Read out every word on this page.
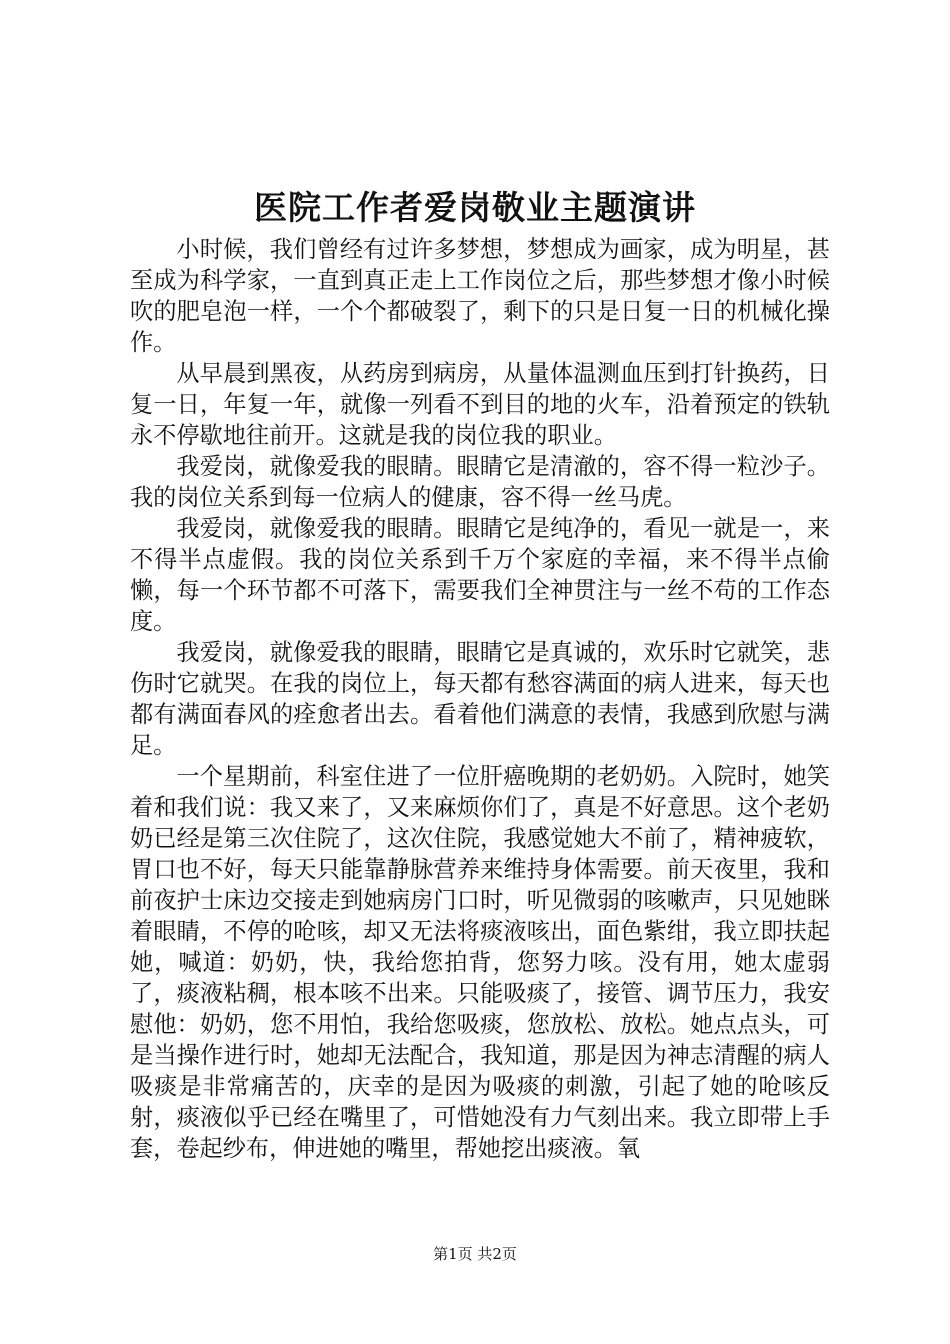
医院工作者爱岗敬业主题演讲

小时候，我们曾经有过许多梦想，梦想成为画家，成为明星，甚至成为科学家，一直到真正走上工作岗位之后，那些梦想才像小时候吹的肥皂泡一样，一个个都破裂了，剩下的只是日复一日的机械化操作。

从早晨到黑夜，从药房到病房，从量体温测血压到打针换药，日复一日，年复一年，就像一列看不到目的地的火车，沿着预定的铁轨永不停歇地往前开。这就是我的岗位我的职业。

我爱岗，就像爱我的眼睛。眼睛它是清澈的，容不得一粒沙子。我的岗位关系到每一位病人的健康，容不得一丝马虎。

我爱岗，就像爱我的眼睛。眼睛它是纯净的，看见一就是一，来不得半点虚假。我的岗位关系到千万个家庭的幸福，来不得半点偷懒，每一个环节都不可落下，需要我们全神贯注与一丝不苟的工作态度。

我爱岗，就像爱我的眼睛，眼睛它是真诚的，欢乐时它就笑，悲伤时它就哭。在我的岗位上，每天都有愁容满面的病人进来，每天也都有满面春风的痊愈者出去。看着他们满意的表情，我感到欣慰与满足。

一个星期前，科室住进了一位肝癌晚期的老奶奶。入院时，她笑着和我们说：我又来了，又来麻烦你们了，真是不好意思。这个老奶奶已经是第三次住院了，这次住院，我感觉她大不前了，精神疲软，胃口也不好，每天只能靠静脉营养来维持身体需要。前天夜里，我和前夜护士床边交接走到她病房门口时，听见微弱的咳嗽声，只见她眯着眼睛，不停的呛咳，却又无法将痰液咳出，面色紫绀，我立即扶起她，喊道：奶奶，快，我给您拍背，您努力咳。没有用，她太虚弱了，痰液粘稠，根本咳不出来。只能吸痰了，接管、调节压力，我安慰他：奶奶，您不用怕，我给您吸痰，您放松、放松。她点点头，可是当操作进行时，她却无法配合，我知道，那是因为神志清醒的病人吸痰是非常痛苦的，庆幸的是因为吸痰的刺激，引起了她的呛咳反射，痰液似乎已经在嘴里了，可惜她没有力气刻出来。我立即带上手套，卷起纱布，伸进她的嘴里，帮她挖出痰液。氧

第1页 共2页
